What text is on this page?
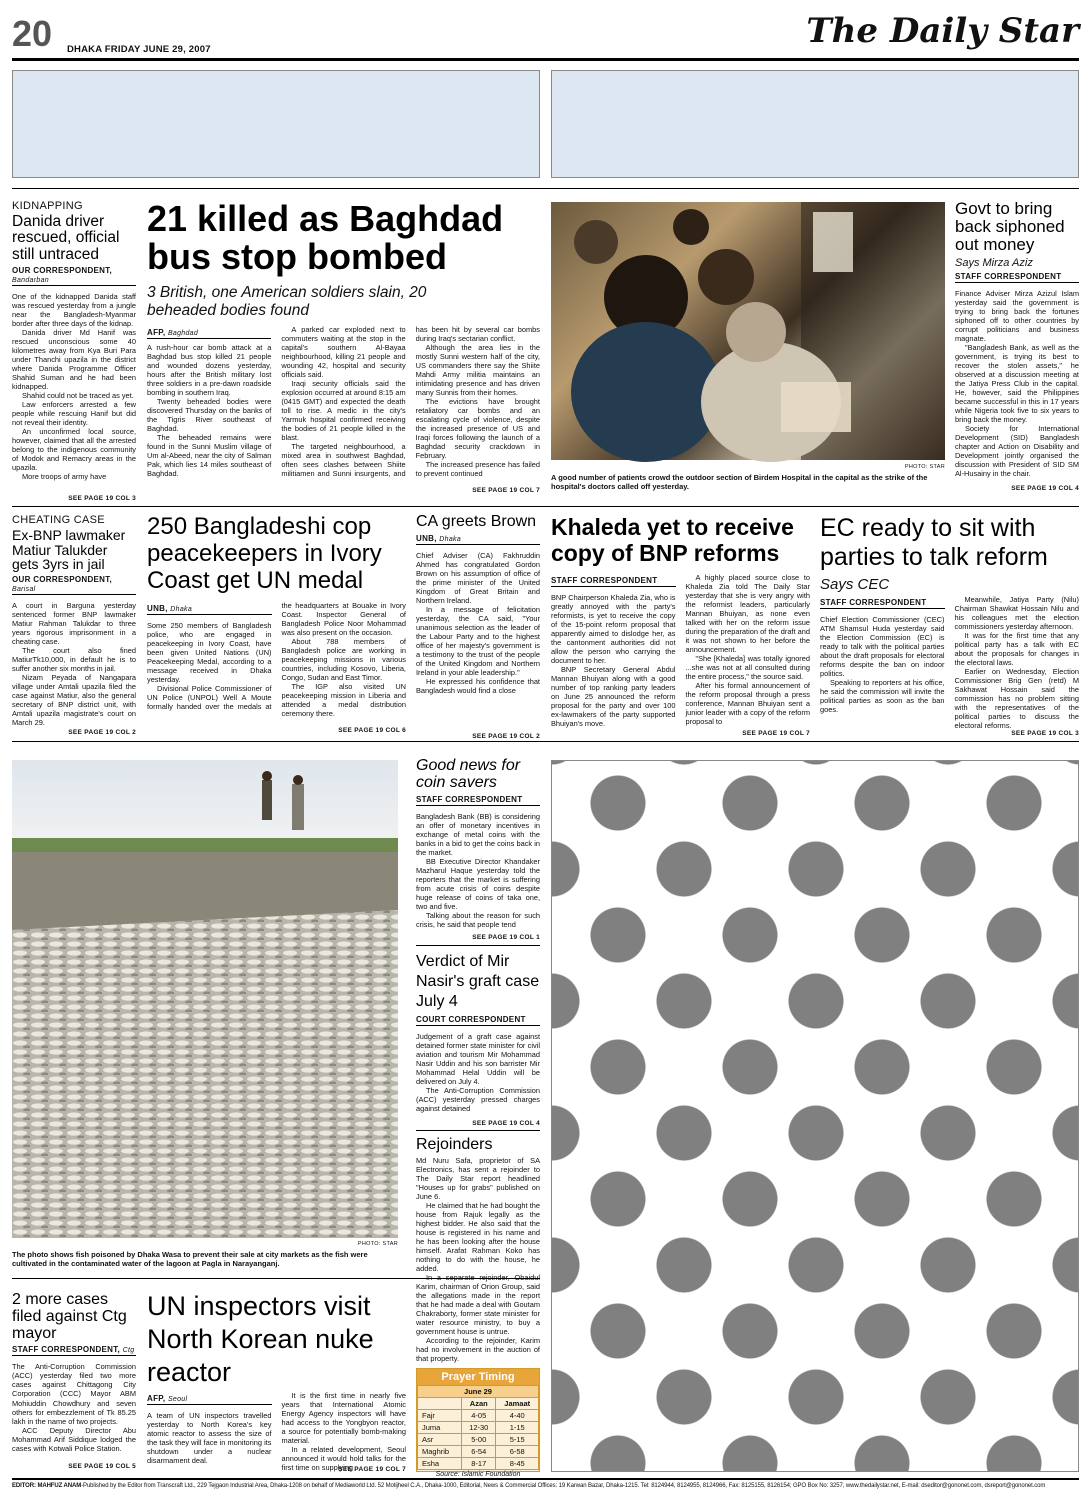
20 DHAKA FRIDAY JUNE 29, 2007	The Daily Star
KIDNAPPING
Danida driver rescued, official still untraced
OUR CORRESPONDENT,
Bandarban

One of the kidnapped Danida staff was rescued yesterday from a jungle near the Bangladesh-Myanmar border after three days of the kidnap.

Danida driver Md Hanif was rescued unconscious some 40 kilometres away from Kya Buri Para under Thanchi upazila in the district where Danida Programme Officer Shahid Suman and he had been kidnapped.

Shahid could not be traced as yet.

Law enforcers arrested a few people while rescuing Hanif but did not reveal their identity.

An unconfirmed local source, however, claimed that all the arrested belong to the indigenous community of Modok and Remacry areas in the upazila.

More troops of army have

SEE PAGE 19 COL 3
21 killed as Baghdad bus stop bombed
3 British, one American soldiers slain, 20 beheaded bodies found
AFP, Baghdad

A rush-hour car bomb attack at a Baghdad bus stop killed 21 people and wounded dozens yesterday, hours after the British military lost three soldiers in a pre-dawn roadside bombing in southern Iraq.

Twenty beheaded bodies were discovered Thursday on the banks of the Tigris River southeast of Baghdad.

The beheaded remains were found in the Sunni Muslim village of Um al-Abeed, near the city of Salman Pak, which lies 14 miles southeast of Baghdad.

A parked car exploded next to commuters waiting at the stop in the capital's southern Al-Bayaa neighbourhood, killing 21 people and wounding 42, hospital and security officials said.

Iraqi security officials said the explosion occurred at around 8:15 am (0415 GMT) and expected the death toll to rise. A medic in the city's Yarmuk hospital confirmed receiving the bodies of 21 people killed in the blast.

The targeted neighbourhood, a mixed area in southwest Baghdad, often sees clashes between Shiite militiamen and Sunni insurgents, and has been hit by several car bombs during Iraq's sectarian conflict.

Although the area lies in the mostly Sunni western half of the city, US commanders there say the Shiite Mahdi Army militia maintains an intimidating presence and has driven many Sunnis from their homes.

The evictions have brought retaliatory car bombs and an escalating cycle of violence, despite the increased presence of US and Iraqi forces following the launch of a Baghdad security crackdown in February.

The increased presence has failed to prevent continued

SEE PAGE 19 COL 7
PHOTO: STAR
A good number of patients crowd the outdoor section of Birdem Hospital in the capital as the strike of the hospital's doctors called off yesterday.
Govt to bring back siphoned out money
Says Mirza Aziz
STAFF CORRESPONDENT

Finance Adviser Mirza Azizul Islam yesterday said the government is trying to bring back the fortunes siphoned off to other countries by corrupt politicians and business magnate.

"Bangladesh Bank, as well as the government, is trying its best to recover the stolen assets," he observed at a discussion meeting at the Jatiya Press Club in the capital. He, however, said the Philippines became successful in this in 17 years while Nigeria took five to six years to bring back the money.

Society for International Development (SID) Bangladesh chapter and Action on Disability and Development jointly organised the discussion with President of SID SM Al-Husainy in the chair.

SEE PAGE 19 COL 4
CHEATING CASE
Ex-BNP lawmaker Matiur Talukder gets 3yrs in jail
OUR CORRESPONDENT, Barisal

A court in Barguna yesterday sentenced former BNP lawmaker Matiur Rahman Talukdar to three years rigorous imprisonment in a cheating case.

The court also fined MatiurTk10,000, in default he is to suffer another six months in jail.

Nizam Peyada of Nangapara village under Amtali upazila filed the case against Matiur, also the general secretary of BNP district unit, with Amtali upazila magistrate's court on March 29.

SEE PAGE 19 COL 2
250 Bangladeshi cop peacekeepers in Ivory Coast get UN medal
UNB, Dhaka

Some 250 members of Bangladesh police, who are engaged in peacekeeping in Ivory Coast, have been given United Nations (UN) Peacekeeping Medal, according to a message received in Dhaka yesterday.

Divisional Police Commissioner of UN Police (UNPOL) Well A Moute formally handed over the medals at the headquarters at Bouake in Ivory Coast. Inspector General of Bangladesh Police Noor Mohammad was also present on the occasion.

About 788 members of Bangladesh police are working in peacekeeping missions in various countries, including Kosovo, Liberia, Congo, Sudan and East Timor.

The IGP also visited UN peacekeeping mission in Liberia and attended a medal distribution ceremony there.

SEE PAGE 19 COL 6
CA greets Brown
UNB, Dhaka

Chief Adviser (CA) Fakhruddin Ahmed has congratulated Gordon Brown on his assumption of office of the prime minister of the United Kingdom of Great Britain and Northern Ireland.

In a message of felicitation yesterday, the CA said, "Your unanimous selection as the leader of the Labour Party and to the highest office of her majesty's government is a testimony to the trust of the people of the United Kingdom and Northern Ireland in your able leadership."

He expressed his confidence that Bangladesh would find a close

SEE PAGE 19 COL 2
Khaleda yet to receive copy of BNP reforms
STAFF CORRESPONDENT

BNP Chairperson Khaleda Zia, who is greatly annoyed with the party's reformists, is yet to receive the copy of the 15-point reform proposal that apparently aimed to dislodge her, as the cantonment authorities did not allow the person who carrying the document to her.

BNP Secretary General Abdul Mannan Bhuiyan along with a good number of top ranking party leaders on June 25 announced the reform proposal for the party and over 100 ex-lawmakers of the party supported Bhuiyan's move.

A highly placed source close to Khaleda Zia told The Daily Star yesterday that she is very angry with the reformist leaders, particularly Mannan Bhuiyan, as none even talked with her on the reform issue during the preparation of the draft and it was not shown to her before the announcement.

"She [Khaleda] was totally ignored ...she was not at all consulted during the entire process," the source said.

After his formal announcement of the reform proposal through a press conference, Mannan Bhuiyan sent a junior leader with a copy of the reform proposal to

SEE PAGE 19 COL 7
EC ready to sit with parties to talk reform
Says CEC
STAFF CORRESPONDENT

Chief Election Commissioner (CEC) ATM Shamsul Huda yesterday said the Election Commission (EC) is ready to talk with the political parties about the draft proposals for electoral reforms despite the ban on indoor politics.

Speaking to reporters at his office, he said the commission will invite the political parties as soon as the ban goes.

Meanwhile, Jatiya Party (Nilu) Chairman Shawkat Hossain Nilu and his colleagues met the election commissioners yesterday afternoon.

It was for the first time that any political party has a talk with EC about the proposals for changes in the electoral laws.

Earlier on Wednesday, Election Commissioner Brig Gen (retd) M Sakhawat Hossain said the commission has no problem sitting with the representatives of the political parties to discuss the electoral reforms.

SEE PAGE 19 COL 3
PHOTO: STAR
The photo shows fish poisoned by Dhaka Wasa to prevent their sale at city markets as the fish were cultivated in the contaminated water of the lagoon at Pagla in Narayanganj.
Good news for coin savers
STAFF CORRESPONDENT

Bangladesh Bank (BB) is considering an offer of monetary incentives in exchange of metal coins with the banks in a bid to get the coins back in the market.

BB Executive Director Khandaker Mazharul Haque yesterday told the reporters that the market is suffering from acute crisis of coins despite huge release of coins of taka one, two and five.

Talking about the reason for such crisis, he said that people tend

SEE PAGE 19 COL 1
Verdict of Mir Nasir's graft case July 4
COURT CORRESPONDENT

Judgement of a graft case against detained former state minister for civil aviation and tourism Mir Mohammad Nasir Uddin and his son barrister Mir Mohammad Helal Uddin will be delivered on July 4.

The Anti-Corruption Commission (ACC) yesterday pressed charges against detained

SEE PAGE 19 COL 4
Rejoinders

Md Nuru Safa, proprietor of SA Electronics, has sent a rejoinder to The Daily Star report headlined "Houses up for grabs" published on June 6.

He claimed that he had bought the house from Rajuk legally as the highest bidder. He also said that the house is registered in his name and he has been looking after the house himself. Arafat Rahman Koko has nothing to do with the house, he added.

Karim, chairman of Orion Group, said the allegations made in the report that he had made a deal with Goutam Chakraborty, former state minister for water resource ministry, to buy a government house is untrue.

According to the rejoinder, Karim had no involvement in the auction of that property.

Prayer Timing
June 29		
	Azan	Jamaat
Fajr	4-05	4-40
Juma	12-30	1-15
Asr	5-00	5-15
Maghrib	6-54	6-58
Esha	8-17	8-45
Source: Islamic Foundation
2 more cases filed against Ctg mayor
STAFF CORRESPONDENT, Ctg

The Anti-Corruption Commission (ACC) yesterday filed two more cases against Chittagong City Corporation (CCC) Mayor ABM Mohiuddin Chowdhury and seven others for embezzlement of Tk 85.25 lakh in the name of two projects.

ACC Deputy Director Abu Mohammad Arif Siddique lodged the cases with Kotwali Police Station.

SEE PAGE 19 COL 5
UN inspectors visit North Korean nuke reactor
AFP, Seoul

A team of UN inspectors travelled yesterday to North Korea's key atomic reactor to assess the size of the task they will face in monitoring its shutdown under a nuclear disarmament deal.

It is the first time in nearly five years that International Atomic Energy Agency inspectors will have had access to the Yongbyon reactor, a source for potentially bomb-making material.

In a related development, Seoul announced it would hold talks for the first time on supplying

SEE PAGE 19 COL 7
EDITOR: MAHFUZ ANAM-Published by the Editor from Transcraft Ltd., 229 Tejgaon Industrial Area, Dhaka-1208 on behalf of Mediaworld Ltd. 52 Motijheel C.A., Dhaka-1000, Editorial, News & Commercial Offices: 19 Karwan Bazar, Dhaka-1215. Tel: 8124944, 8124955, 8124966, Fax: 8125155, 8126154; GPO Box No: 3257, www.thedailystar.net, E-mail: dseditor@gononet.com, dsreport@gononet.com
